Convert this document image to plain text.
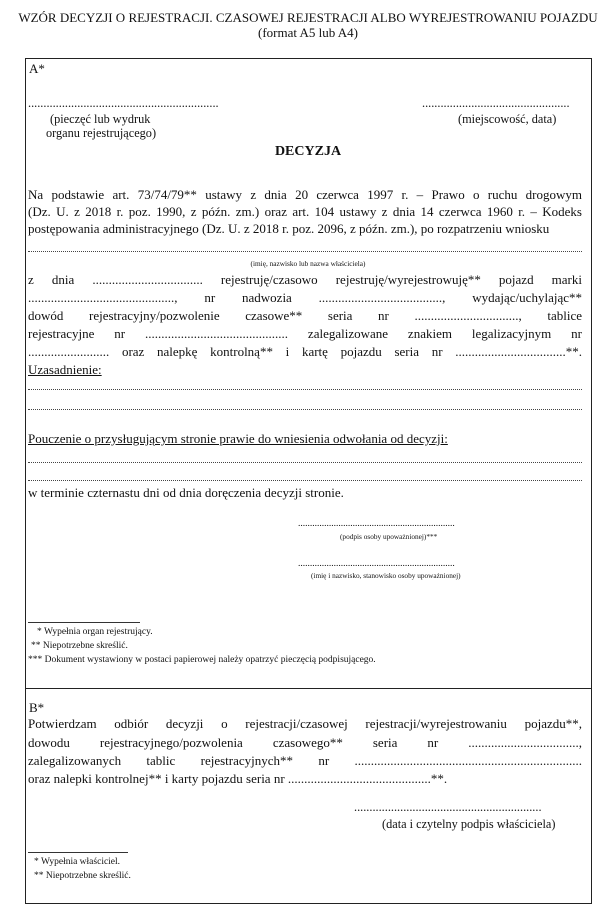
WZÓR DECYZJI O REJESTRACJI. CZASOWEJ REJESTRACJI ALBO WYREJESTROWANIU POJAZDU
(format A5 lub A4)
A*
..............................................................
(pieczęć lub wydruk
organu rejestrującego)
................................................
(miejscowość, data)
DECYZJA
Na podstawie art. 73/74/79** ustawy z dnia 20 czerwca 1997 r. – Prawo o ruchu drogowym
(Dz. U. z 2018 r. poz. 1990, z późn. zm.) oraz art. 104 ustawy z dnia 14 czerwca 1960 r. – Kodeks
postępowania administracyjnego (Dz. U. z 2018 r. poz. 2096, z późn. zm.), po rozpatrzeniu wniosku
(imię, nazwisko lub nazwa właściciela)
z dnia .................................. rejestruję/czasowo rejestruję/wyrejestrowuję** pojazd marki
............................................., nr nadwozia ......................................, wydając/uchylając**
dowód rejestracyjny/pozwolenie czasowe** seria nr ................................, tablice
rejestracyjne nr ............................................ zalegalizowane znakiem legalizacyjnym nr
......................... oraz nalepkę kontrolną** i kartę pojazdu seria nr ..................................**.
Uzasadnienie:
Pouczenie o przysługującym stronie prawie do wniesienia odwołania od decyzji:
w terminie czternastu dni od dnia doręczenia decyzji stronie.
..................................................................
(podpis osoby upoważnionej)***
..................................................................
(imię i nazwisko, stanowisko osoby upoważnionej)
* Wypełnia organ rejestrujący.
** Niepotrzebne skreślić.
*** Dokument wystawiony w postaci papierowej należy opatrzyć pieczęcią podpisującego.
B*
Potwierdzam odbiór decyzji o rejestracji/czasowej rejestracji/wyrejestrowaniu pojazdu**,
dowodu rejestracyjnego/pozwolenia czasowego** seria nr ..................................,
zalegalizowanych tablic rejestracyjnych** nr ......................................................................
oraz nalepki kontrolnej** i karty pojazdu seria nr ............................................**.
.............................................................
(data i czytelny podpis właściciela)
* Wypełnia właściciel.
** Niepotrzebne skreślić.
